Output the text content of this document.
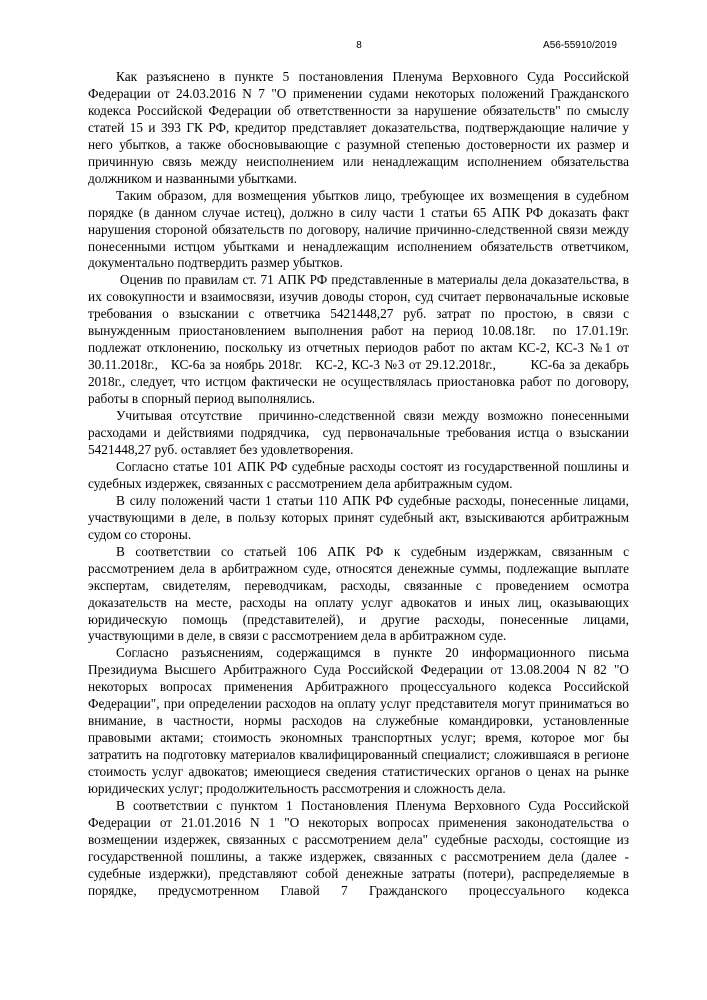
8	А56-55910/2019

Как разъяснено в пункте 5 постановления Пленума Верховного Суда Российской Федерации от 24.03.2016 N 7 "О применении судами некоторых положений Гражданского кодекса Российской Федерации об ответственности за нарушение обязательств" по смыслу статей 15 и 393 ГК РФ, кредитор представляет доказательства, подтверждающие наличие у него убытков, а также обосновывающие с разумной степенью достоверности их размер и причинную связь между неисполнением или ненадлежащим исполнением обязательства должником и названными убытками.

Таким образом, для возмещения убытков лицо, требующее их возмещения в судебном порядке (в данном случае истец), должно в силу части 1 статьи 65 АПК РФ доказать факт нарушения стороной обязательств по договору, наличие причинно-следственной связи между понесенными истцом убытками и ненадлежащим исполнением обязательств ответчиком, документально подтвердить размер убытков.

Оценив по правилам ст. 71 АПК РФ представленные в материалы дела доказательства, в их совокупности и взаимосвязи, изучив доводы сторон, суд считает первоначальные исковые требования о взыскании с ответчика 5421448,27 руб. затрат по простою, в связи с вынужденным приостановлением выполнения работ на период 10.08.18г.  по 17.01.19г. подлежат отклонению, поскольку из отчетных периодов работ по актам КС-2, КС-3 №1 от 30.11.2018г.,   КС-6а за ноябрь 2018г.   КС-2, КС-3 №3 от 29.12.2018г.,        КС-6а за декабрь 2018г., следует, что истцом фактически не осуществлялась приостановка работ по договору, работы в спорный период выполнялись.

Учитывая отсутствие  причинно-следственной связи между возможно понесенными расходами и действиями подрядчика,  суд первоначальные требования истца о взыскании 5421448,27 руб. оставляет без удовлетворения.

Согласно статье 101 АПК РФ судебные расходы состоят из государственной пошлины и судебных издержек, связанных с рассмотрением дела арбитражным судом.

В силу положений части 1 статьи 110 АПК РФ судебные расходы, понесенные лицами, участвующими в деле, в пользу которых принят судебный акт, взыскиваются арбитражным судом со стороны.

В соответствии со статьей 106 АПК РФ к судебным издержкам, связанным с рассмотрением дела в арбитражном суде, относятся денежные суммы, подлежащие выплате экспертам, свидетелям, переводчикам, расходы, связанные с проведением осмотра доказательств на месте, расходы на оплату услуг адвокатов и иных лиц, оказывающих юридическую помощь (представителей), и другие расходы, понесенные лицами, участвующими в деле, в связи с рассмотрением дела в арбитражном суде.

Согласно разъяснениям, содержащимся в пункте 20 информационного письма Президиума Высшего Арбитражного Суда Российской Федерации от 13.08.2004 N 82 "О некоторых вопросах применения Арбитражного процессуального кодекса Российской Федерации", при определении расходов на оплату услуг представителя могут приниматься во внимание, в частности, нормы расходов на служебные командировки, установленные правовыми актами; стоимость экономных транспортных услуг; время, которое мог бы затратить на подготовку материалов квалифицированный специалист; сложившаяся в регионе стоимость услуг адвокатов; имеющиеся сведения статистических органов о ценах на рынке юридических услуг; продолжительность рассмотрения и сложность дела.

В соответствии с пунктом 1 Постановления Пленума Верховного Суда Российской Федерации от 21.01.2016 N 1 "О некоторых вопросах применения законодательства о возмещении издержек, связанных с рассмотрением дела" судебные расходы, состоящие из государственной пошлины, а также издержек, связанных с рассмотрением дела (далее - судебные издержки), представляют собой денежные затраты (потери), распределяемые в порядке, предусмотренном Главой 7 Гражданского процессуального кодекса
